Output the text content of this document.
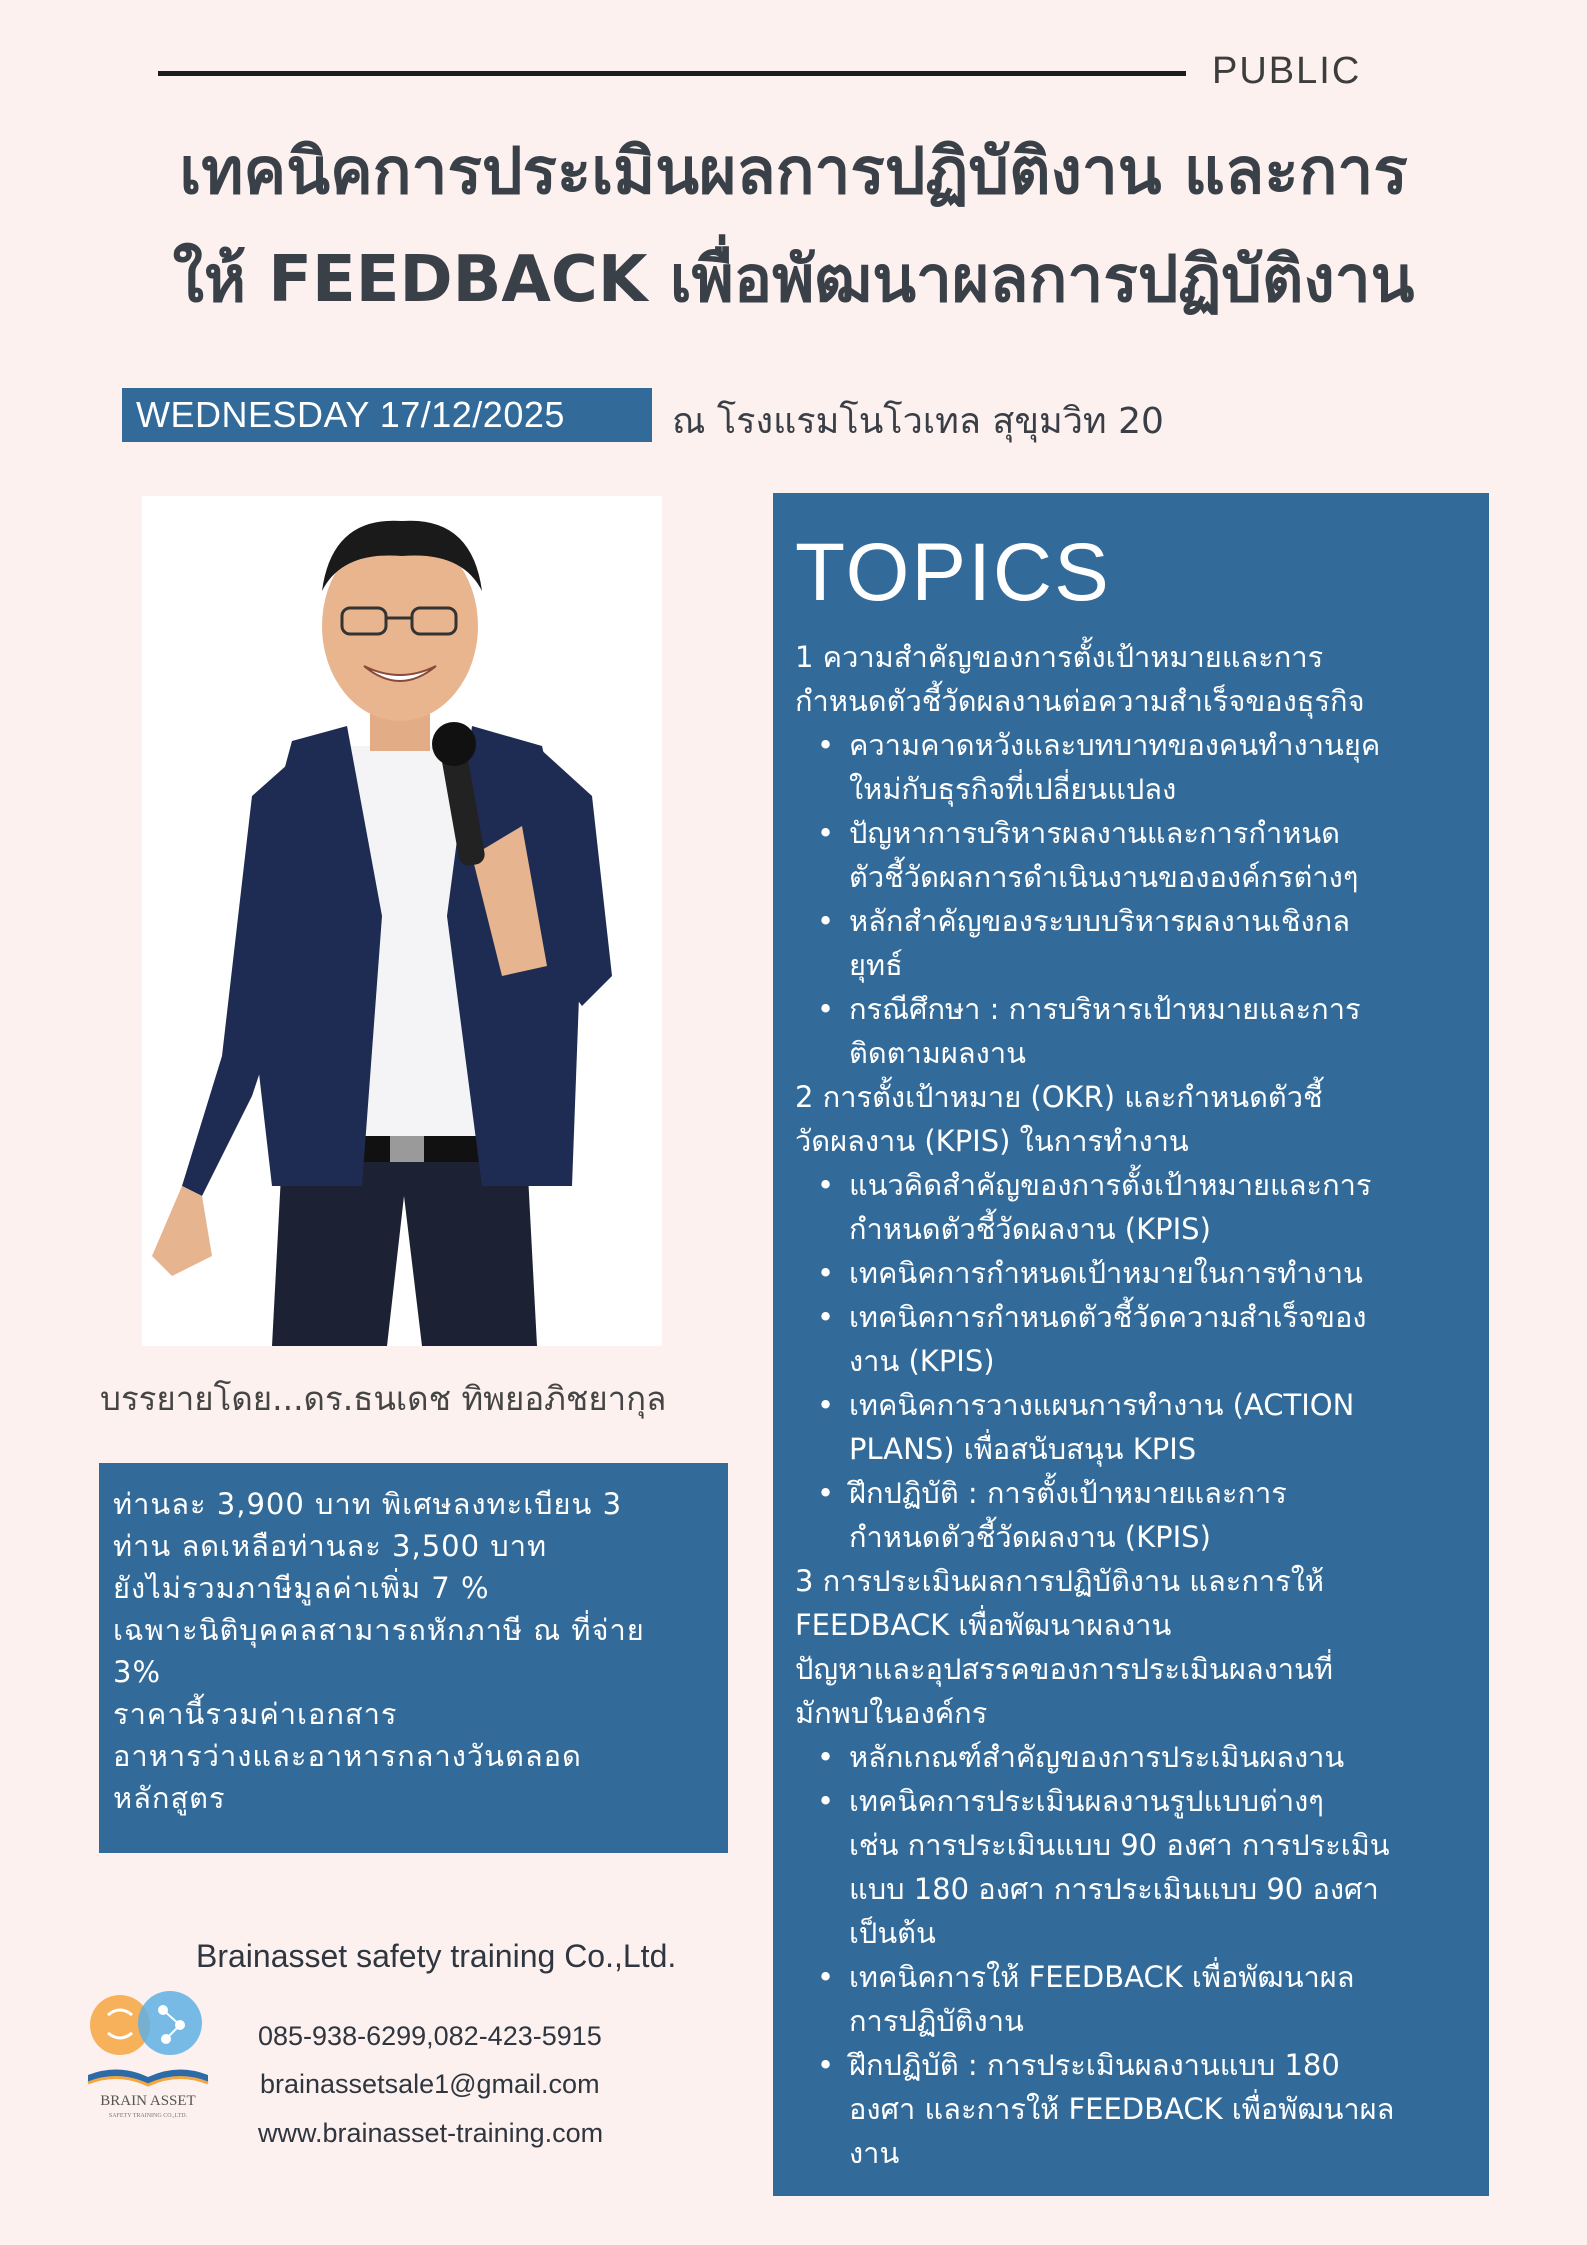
PUBLIC
เทคนิคการประเมินผลการปฏิบัติงาน และการ
ให้ FEEDBACK เพื่อพัฒนาผลการปฏิบัติงาน
WEDNESDAY 17/12/2025	ณ โรงแรมโนโวเทล สุขุมวิท 20
บรรยายโดย...ดร.ธนเดช ทิพยอภิชยากุล
ท่านละ 3,900 บาท พิเศษลงทะเบียน 3
ท่าน ลดเหลือท่านละ 3,500 บาท
ยังไม่รวมภาษีมูลค่าเพิ่ม 7 %
เฉพาะนิติบุคคลสามารถหักภาษี ณ ที่จ่าย
3%
ราคานี้รวมค่าเอกสาร
อาหารว่างและอาหารกลางวันตลอด
หลักสูตร
Brainasset safety training Co.,Ltd.
BRAIN ASSET
SAFETY TRAINING CO.,LTD.
085-938-6299,082-423-5915
brainassetsale1@gmail.com
www.brainasset-training.com
TOPICS
1 ความสำคัญของการตั้งเป้าหมายและการ
กำหนดตัวชี้วัดผลงานต่อความสำเร็จของธุรกิจ
• ความคาดหวังและบทบาทของคนทำงานยุค
ใหม่กับธุรกิจที่เปลี่ยนแปลง
• ปัญหาการบริหารผลงานและการกำหนด
ตัวชี้วัดผลการดำเนินงานขององค์กรต่างๆ
• หลักสำคัญของระบบบริหารผลงานเชิงกล
ยุทธ์
• กรณีศึกษา : การบริหารเป้าหมายและการ
ติดตามผลงาน
2 การตั้งเป้าหมาย (OKR) และกำหนดตัวชี้
วัดผลงาน (KPIS) ในการทำงาน
• แนวคิดสำคัญของการตั้งเป้าหมายและการ
กำหนดตัวชี้วัดผลงาน (KPIS)
• เทคนิคการกำหนดเป้าหมายในการทำงาน
• เทคนิคการกำหนดตัวชี้วัดความสำเร็จของ
งาน (KPIS)
• เทคนิคการวางแผนการทำงาน (ACTION
PLANS) เพื่อสนับสนุน KPIS
• ฝึกปฏิบัติ : การตั้งเป้าหมายและการ
กำหนดตัวชี้วัดผลงาน (KPIS)
3 การประเมินผลการปฏิบัติงาน และการให้
FEEDBACK เพื่อพัฒนาผลงาน
ปัญหาและอุปสรรคของการประเมินผลงานที่
มักพบในองค์กร
• หลักเกณฑ์สำคัญของการประเมินผลงาน
• เทคนิคการประเมินผลงานรูปแบบต่างๆ
เช่น การประเมินแบบ 90 องศา การประเมิน
แบบ 180 องศา การประเมินแบบ 90 องศา
เป็นต้น
• เทคนิคการให้ FEEDBACK เพื่อพัฒนาผล
การปฏิบัติงาน
• ฝึกปฏิบัติ : การประเมินผลงานแบบ 180
องศา และการให้ FEEDBACK เพื่อพัฒนาผล
งาน
